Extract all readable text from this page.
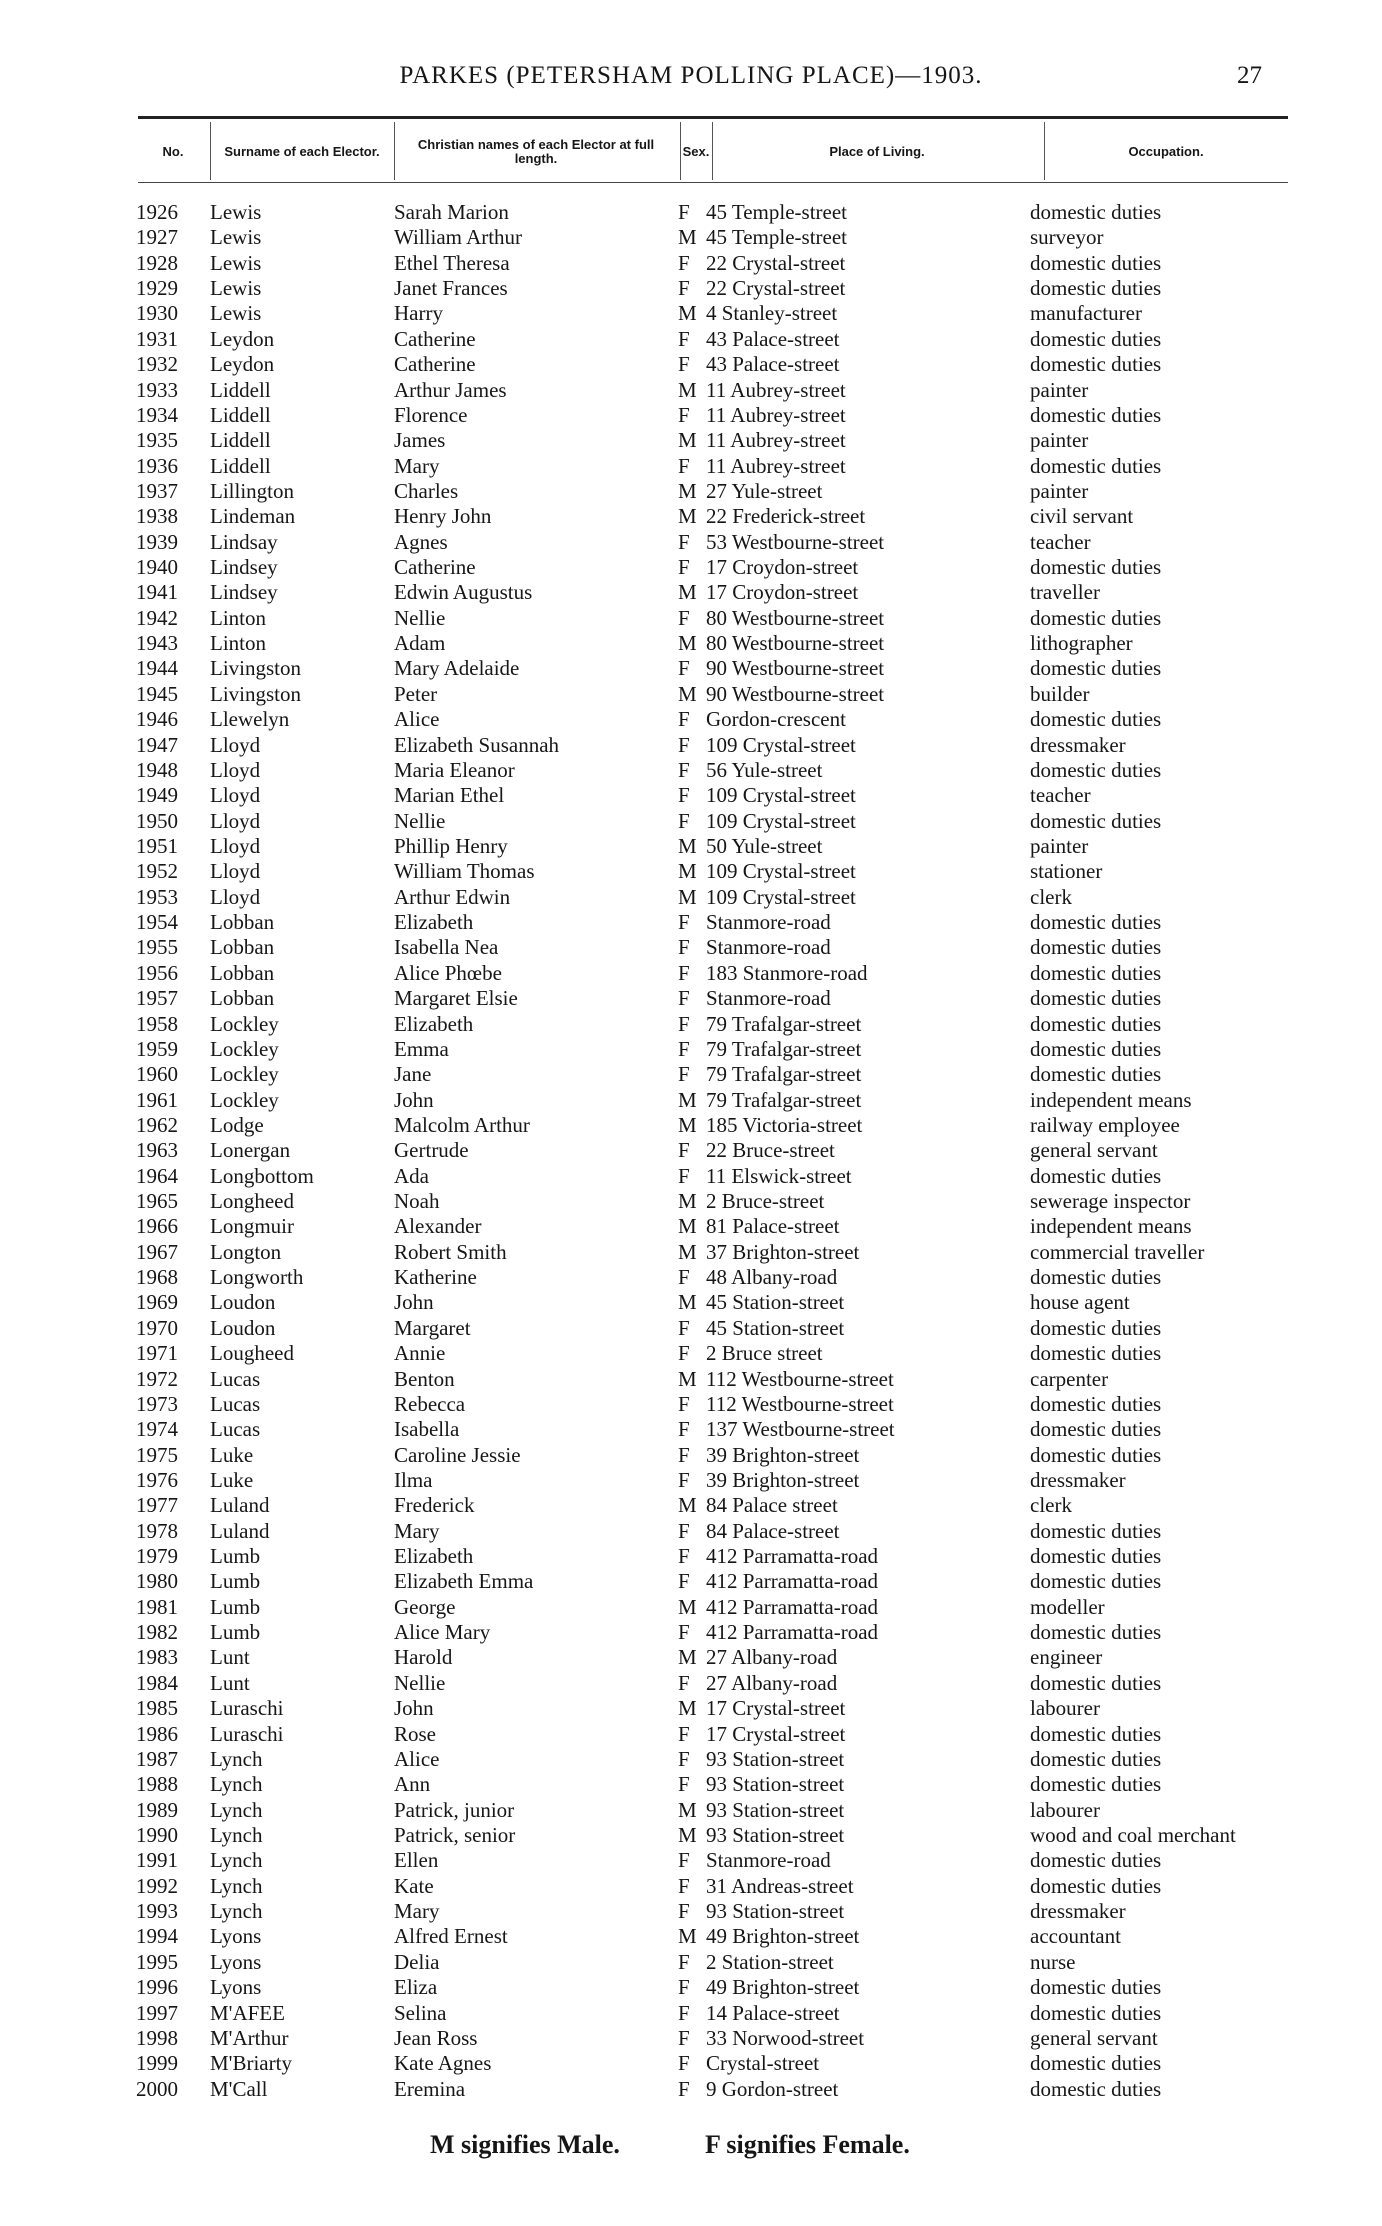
PARKES (PETERSHAM POLLING PLACE)—1903.	27
No.	Surname of each Elector.	Christian names of each Elector at full length.	Sex.	Place of Living.	Occupation.
1926 Lewis	Sarah Marion	F 45 Temple-street	domestic duties
1927 Lewis	William Arthur	M 45 Temple-street	surveyor
1928 Lewis	Ethel Theresa	F 22 Crystal-street	domestic duties
1929 Lewis	Janet Frances	F 22 Crystal-street	domestic duties
1930 Lewis	Harry	M 4 Stanley-street	manufacturer
1931 Leydon	Catherine	F 43 Palace-street	domestic duties
1932 Leydon	Catherine	F 43 Palace-street	domestic duties
1933 Liddell	Arthur James	M 11 Aubrey-street	painter
1934 Liddell	Florence	F 11 Aubrey-street	domestic duties
1935 Liddell	James	M 11 Aubrey-street	painter
1936 Liddell	Mary	F 11 Aubrey-street	domestic duties
1937 Lillington	Charles	M 27 Yule-street	painter
1938 Lindeman	Henry John	M 22 Frederick-street	civil servant
1939 Lindsay	Agnes	F 53 Westbourne-street	teacher
1940 Lindsey	Catherine	F 17 Croydon-street	domestic duties
1941 Lindsey	Edwin Augustus	M 17 Croydon-street	traveller
1942 Linton	Nellie	F 80 Westbourne-street	domestic duties
1943 Linton	Adam	M 80 Westbourne-street	lithographer
1944 Livingston	Mary Adelaide	F 90 Westbourne-street	domestic duties
1945 Livingston	Peter	M 90 Westbourne-street	builder
1946 Llewelyn	Alice	F Gordon-crescent	domestic duties
1947 Lloyd	Elizabeth Susannah	F 109 Crystal-street	dressmaker
1948 Lloyd	Maria Eleanor	F 56 Yule-street	domestic duties
1949 Lloyd	Marian Ethel	F 109 Crystal-street	teacher
1950 Lloyd	Nellie	F 109 Crystal-street	domestic duties
1951 Lloyd	Phillip Henry	M 50 Yule-street	painter
1952 Lloyd	William Thomas	M 109 Crystal-street	stationer
1953 Lloyd	Arthur Edwin	M 109 Crystal-street	clerk
1954 Lobban	Elizabeth	F Stanmore-road	domestic duties
1955 Lobban	Isabella Nea	F Stanmore-road	domestic duties
1956 Lobban	Alice Phœbe	F 183 Stanmore-road	domestic duties
1957 Lobban	Margaret Elsie	F Stanmore-road	domestic duties
1958 Lockley	Elizabeth	F 79 Trafalgar-street	domestic duties
1959 Lockley	Emma	F 79 Trafalgar-street	domestic duties
1960 Lockley	Jane	F 79 Trafalgar-street	domestic duties
1961 Lockley	John	M 79 Trafalgar-street	independent means
1962 Lodge	Malcolm Arthur	M 185 Victoria-street	railway employee
1963 Lonergan	Gertrude	F 22 Bruce-street	general servant
1964 Longbottom	Ada	F 11 Elswick-street	domestic duties
1965 Longheed	Noah	M 2 Bruce-street	sewerage inspector
1966 Longmuir	Alexander	M 81 Palace-street	independent means
1967 Longton	Robert Smith	M 37 Brighton-street	commercial traveller
1968 Longworth	Katherine	F 48 Albany-road	domestic duties
1969 Loudon	John	M 45 Station-street	house agent
1970 Loudon	Margaret	F 45 Station-street	domestic duties
1971 Lougheed	Annie	F 2 Bruce street	domestic duties
1972 Lucas	Benton	M 112 Westbourne-street	carpenter
1973 Lucas	Rebecca	F 112 Westbourne-street	domestic duties
1974 Lucas	Isabella	F 137 Westbourne-street	domestic duties
1975 Luke	Caroline Jessie	F 39 Brighton-street	domestic duties
1976 Luke	Ilma	F 39 Brighton-street	dressmaker
1977 Luland	Frederick	M 84 Palace street	clerk
1978 Luland	Mary	F 84 Palace-street	domestic duties
1979 Lumb	Elizabeth	F 412 Parramatta-road	domestic duties
1980 Lumb	Elizabeth Emma	F 412 Parramatta-road	domestic duties
1981 Lumb	George	M 412 Parramatta-road	modeller
1982 Lumb	Alice Mary	F 412 Parramatta-road	domestic duties
1983 Lunt	Harold	M 27 Albany-road	engineer
1984 Lunt	Nellie	F 27 Albany-road	domestic duties
1985 Luraschi	John	M 17 Crystal-street	labourer
1986 Luraschi	Rose	F 17 Crystal-street	domestic duties
1987 Lynch	Alice	F 93 Station-street	domestic duties
1988 Lynch	Ann	F 93 Station-street	domestic duties
1989 Lynch	Patrick, junior	M 93 Station-street	labourer
1990 Lynch	Patrick, senior	M 93 Station-street	wood and coal merchant
1991 Lynch	Ellen	F Stanmore-road	domestic duties
1992 Lynch	Kate	F 31 Andreas-street	domestic duties
1993 Lynch	Mary	F 93 Station-street	dressmaker
1994 Lyons	Alfred Ernest	M 49 Brighton-street	accountant
1995 Lyons	Delia	F 2 Station-street	nurse
1996 Lyons	Eliza	F 49 Brighton-street	domestic duties
1997 M'AFEE	Selina	F 14 Palace-street	domestic duties
1998 M'Arthur	Jean Ross	F 33 Norwood-street	general servant
1999 M'Briarty	Kate Agnes	F Crystal-street	domestic duties
2000 M'Call	Eremina	F 9 Gordon-street	domestic duties
M signifies Male.	F signifies Female.
